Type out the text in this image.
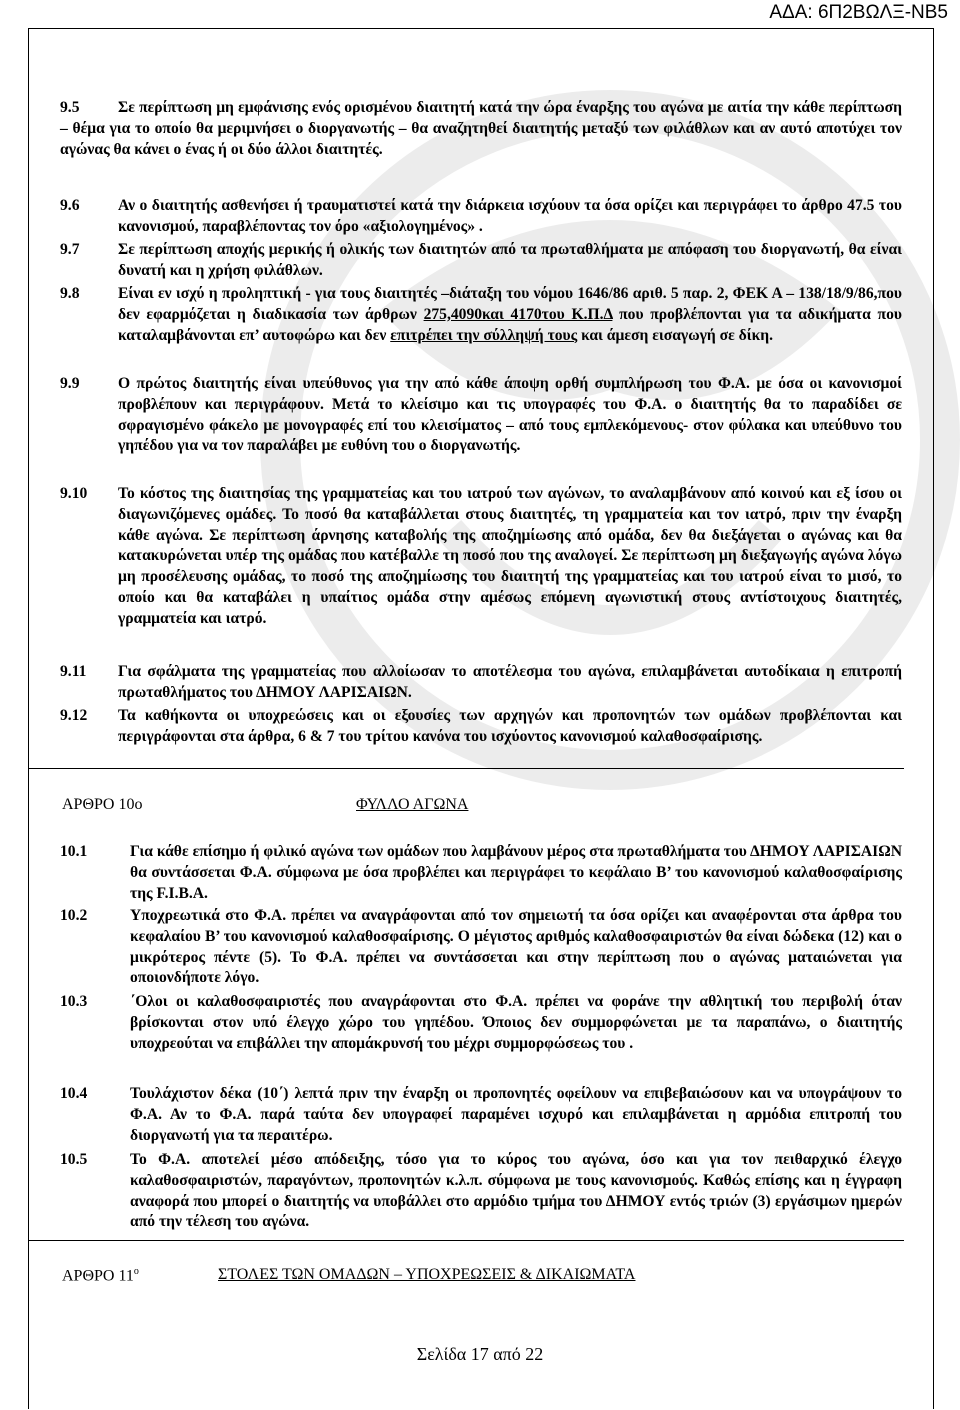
ΑΔΑ: 6Π2ΒΩΛΞ-ΝΒ5
9.5	Σε περίπτωση μη εμφάνισης ενός ορισμένου διαιτητή κατά την ώρα έναρξης του αγώνα με αιτία την κάθε περίπτωση – θέμα για το οποίο θα μεριμνήσει ο διοργανωτής – θα αναζητηθεί διαιτητής μεταξύ των φιλάθλων και αν αυτό αποτύχει τον αγώνας θα κάνει ο ένας ή οι δύο άλλοι διαιτητές.
9.6 Αν ο διαιτητής ασθενήσει ή τραυματιστεί κατά την διάρκεια ισχύουν τα όσα ορίζει και περιγράφει το άρθρο 47.5 του κανονισμού, παραβλέποντας τον όρο «αξιολογημένος» .
9.7 Σε περίπτωση αποχής μερικής ή ολικής των διαιτητών από τα πρωταθλήματα με απόφαση του διοργανωτή, θα είναι δυνατή και η χρήση φιλάθλων.
9.8 Είναι εν ισχύ η προληπτική - για τους διαιτητές –διάταξη του νόμου 1646/86 αριθ. 5 παρ. 2, ΦΕΚ Α – 138/18/9/86,που δεν εφαρμόζεται η διαδικασία των άρθρων 275,4090και 4170του Κ.Π.Δ που προβλέπονται για τα αδικήματα που καταλαμβάνονται επ’ αυτοφώρω και δεν επιτρέπει την σύλληψή τους και άμεση εισαγωγή σε δίκη.
9.9 Ο πρώτος διαιτητής είναι υπεύθυνος για την από κάθε άποψη ορθή συμπλήρωση του Φ.Α. με όσα οι κανονισμοί προβλέπουν και περιγράφουν. Μετά το κλείσιμο και τις υπογραφές του Φ.Α. ο διαιτητής θα το παραδίδει σε σφραγισμένο φάκελο με μονογραφές επί του κλεισίματος – από τους εμπλεκόμενους- στον φύλακα και υπεύθυνο του γηπέδου για να τον παραλάβει με ευθύνη του ο διοργανωτής.
9.10 Το κόστος της διαιτησίας της γραμματείας και του ιατρού των αγώνων, το αναλαμβάνουν από κοινού και εξ ίσου οι διαγωνιζόμενες ομάδες. Το ποσό θα καταβάλλεται στους διαιτητές, τη γραμματεία και τον ιατρό, πριν την έναρξη κάθε αγώνα. Σε περίπτωση άρνησης καταβολής της αποζημίωσης από ομάδα, δεν θα διεξάγεται ο αγώνας και θα κατακυρώνεται υπέρ της ομάδας που κατέβαλλε τη ποσό που της αναλογεί. Σε περίπτωση μη διεξαγωγής αγώνα λόγω μη προσέλευσης ομάδας, το ποσό της αποζημίωσης του διαιτητή της γραμματείας και του ιατρού είναι το μισό, το οποίο και θα καταβάλει η υπαίτιος ομάδα στην αμέσως επόμενη αγωνιστική στους αντίστοιχους διαιτητές, γραμματεία και ιατρό.
9.11 Για σφάλματα της γραμματείας που αλλοίωσαν το αποτέλεσμα του αγώνα, επιλαμβάνεται αυτοδίκαια η επιτροπή πρωταθλήματος του ΔΗΜΟΥ ΛΑΡΙΣΑΙΩΝ.
9.12 Τα καθήκοντα οι υποχρεώσεις και οι εξουσίες των αρχηγών και προπονητών των ομάδων προβλέπονται και περιγράφονται στα άρθρα, 6 & 7 του τρίτου κανόνα του ισχύοντος κανονισμού καλαθοσφαίρισης.
ΑΡΘΡΟ 10ο	ΦΥΛΛΟ ΑΓΩΝΑ
10.1	Για κάθε επίσημο ή φιλικό αγώνα των ομάδων που λαμβάνουν μέρος στα πρωταθλήματα του ΔΗΜΟΥ ΛΑΡΙΣΑΙΩΝ θα συντάσσεται Φ.Α. σύμφωνα με όσα προβλέπει και περιγράφει το κεφάλαιο Β’ του κανονισμού καλαθοσφαίρισης της F.I.B.A.
10.2	Υποχρεωτικά στο Φ.Α. πρέπει να αναγράφονται από τον σημειωτή τα όσα ορίζει και αναφέρονται στα άρθρα του κεφαλαίου Β’ του κανονισμού καλαθοσφαίρισης. Ο μέγιστος αριθμός καλαθοσφαιριστών θα είναι δώδεκα (12) και ο μικρότερος πέντε (5). Το Φ.Α. πρέπει να συντάσσεται και στην περίπτωση που ο αγώνας ματαιώνεται για οποιονδήποτε λόγο.
10.3	΄Ολοι οι καλαθοσφαιριστές που αναγράφονται στο Φ.Α. πρέπει να φοράνε την αθλητική του περιβολή όταν βρίσκονται στον υπό έλεγχο χώρο του γηπέδου. Όποιος δεν συμμορφώνεται με τα παραπάνω, ο διαιτητής υποχρεούται να επιβάλλει την απομάκρυνσή του μέχρι συμμορφώσεως του .
10.4	Τουλάχιστον δέκα (10΄) λεπτά πριν την έναρξη οι προπονητές οφείλουν να επιβεβαιώσουν και να υπογράψουν το Φ.Α. Αν το Φ.Α. παρά ταύτα δεν υπογραφεί παραμένει ισχυρό και επιλαμβάνεται η αρμόδια επιτροπή του διοργανωτή για τα περαιτέρω.
10.5	Το Φ.Α. αποτελεί μέσο απόδειξης, τόσο για το κύρος του αγώνα, όσο και για τον πειθαρχικό έλεγχο καλαθοσφαιριστών, παραγόντων, προπονητών κ.λ.π. σύμφωνα με τους κανονισμούς. Καθώς επίσης και η έγγραφη αναφορά που μπορεί ο διαιτητής να υποβάλλει στο αρμόδιο τμήμα του ΔΗΜΟΥ εντός τριών (3) εργάσιμων ημερών από την τέλεση του αγώνα.
ΑΡΘΡΟ $11^o$	ΣΤΟΛΕΣ ΤΩΝ ΟΜΑΔΩΝ – ΥΠΟΧΡΕΩΣΕΙΣ & ΔΙΚΑΙΩΜΑΤΑ
Σελίδα 17 από 22
